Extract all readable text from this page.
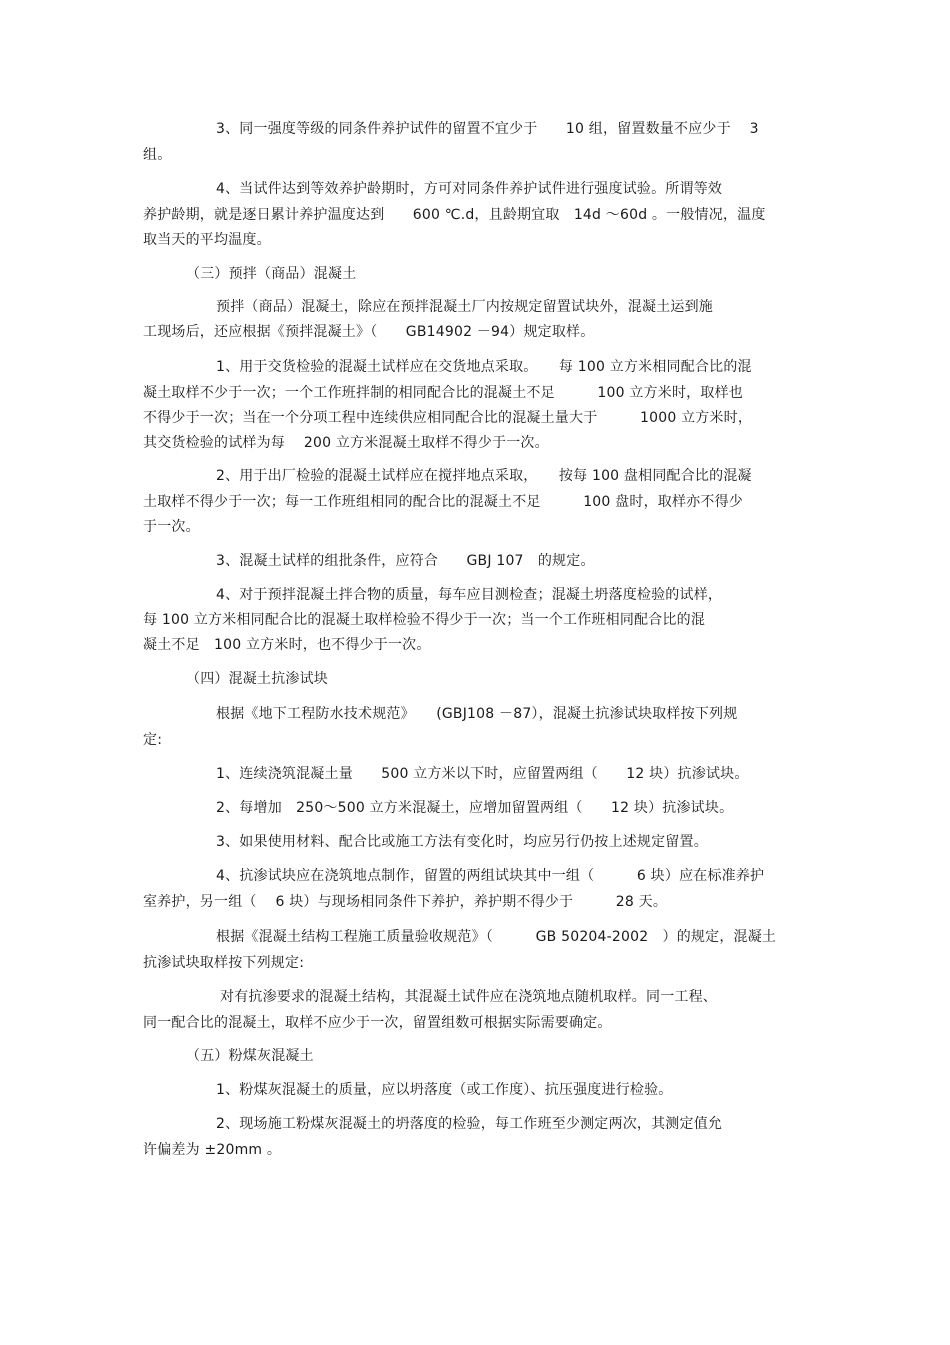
3、同一强度等级的同条件养护试件的留置不宜少于　　10 组，留置数量不应少于　 3
组。
4、当试件达到等效养护龄期时，方可对同条件养护试件进行强度试验。所谓等效
养护龄期，就是逐日累计养护温度达到　　600 ℃.d，且龄期宜取　14d ～60d 。一般情况，温度
取当天的平均温度。
（三）预拌（商品）混凝土
预拌（商品）混凝土，除应在预拌混凝土厂内按规定留置试块外，混凝土运到施
工现场后，还应根据《预拌混凝土》（　　GB14902 －94）规定取样。
1、用于交货检验的混凝土试样应在交货地点采取。　　每 100 立方米相同配合比的混
凝土取样不少于一次；一个工作班拌制的相同配合比的混凝土不足　　　100 立方米时，取样也
不得少于一次；当在一个分项工程中连续供应相同配合比的混凝土量大于　　　1000 立方米时，
其交货检验的试样为每　 200 立方米混凝土取样不得少于一次。
2、用于出厂检验的混凝土试样应在搅拌地点采取，　　按每 100 盘相同配合比的混凝
土取样不得少于一次；每一工作班组相同的配合比的混凝土不足　　　100 盘时，取样亦不得少
于一次。
3、混凝土试样的组批条件，应符合　　GBJ 107　的规定。
4、对于预拌混凝土拌合物的质量，每车应目测检查；混凝土坍落度检验的试样，
每 100 立方米相同配合比的混凝土取样检验不得少于一次；当一个工作班相同配合比的混
凝土不足　100 立方米时，也不得少于一次。
（四）混凝土抗渗试块
根据《地下工程防水技术规范》　　(GBJ108 －87），混凝土抗渗试块取样按下列规
定:
1、连续浇筑混凝土量　　500 立方米以下时，应留置两组（　　12 块）抗渗试块。
2、每增加　250～500 立方米混凝土，应增加留置两组（　　12 块）抗渗试块。
3、如果使用材料、配合比或施工方法有变化时，均应另行仍按上述规定留置。
4、抗渗试块应在浇筑地点制作，留置的两组试块其中一组（　　　6 块）应在标准养护
室养护，另一组（　 6 块）与现场相同条件下养护，养护期不得少于　　　28 天。
根据《混凝土结构工程施工质量验收规范》（　　　GB 50204-2002　）的规定，混凝土
抗渗试块取样按下列规定:
对有抗渗要求的混凝土结构，其混凝土试件应在浇筑地点随机取样。同一工程、
同一配合比的混凝土，取样不应少于一次，留置组数可根据实际需要确定。
（五）粉煤灰混凝土
1、粉煤灰混凝土的质量，应以坍落度（或工作度）、抗压强度进行检验。
2、现场施工粉煤灰混凝土的坍落度的检验，每工作班至少测定两次，其测定值允
许偏差为 ±20mm 。
